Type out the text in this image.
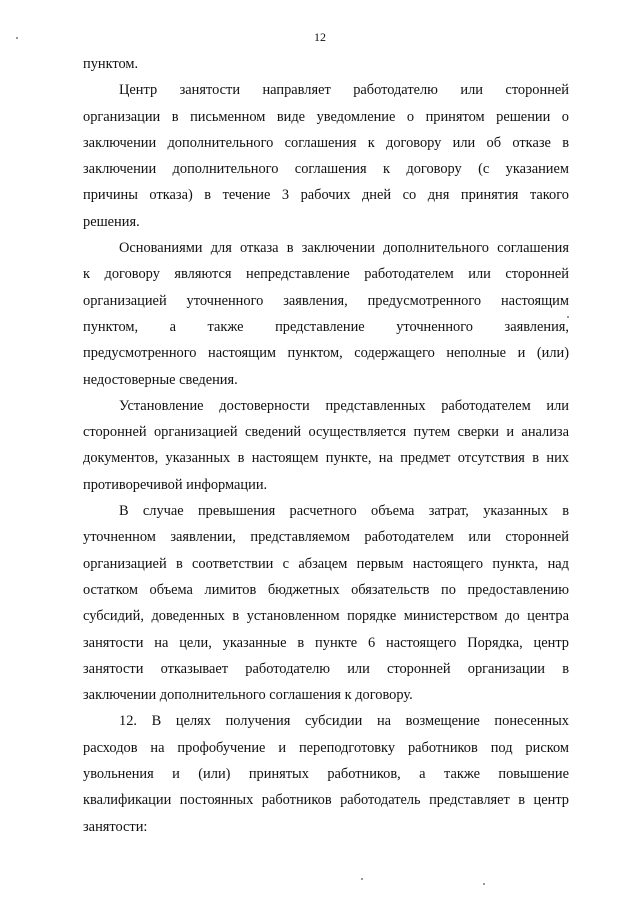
12
пунктом.
Центр занятости направляет работодателю или сторонней
организации в письменном виде уведомление о принятом решении о
заключении дополнительного соглашения к договору или об отказе в
заключении дополнительного соглашения к договору (с указанием
причины отказа) в течение 3 рабочих дней со дня принятия такого
решения.
Основаниями для отказа в заключении дополнительного соглашения
к договору являются непредставление работодателем или сторонней
организацией уточненного заявления, предусмотренного настоящим
пунктом, а также представление уточненного заявления,
предусмотренного настоящим пунктом, содержащего неполные и (или)
недостоверные сведения.
Установление достоверности представленных работодателем или
сторонней организацией сведений осуществляется путем сверки и анализа
документов, указанных в настоящем пункте, на предмет отсутствия в них
противоречивой информации.
В случае превышения расчетного объема затрат, указанных в
уточненном заявлении, представляемом работодателем или сторонней
организацией в соответствии с абзацем первым настоящего пункта, над
остатком объема лимитов бюджетных обязательств по предоставлению
субсидий, доведенных в установленном порядке министерством до центра
занятости на цели, указанные в пункте 6 настоящего Порядка, центр
занятости отказывает работодателю или сторонней организации в
заключении дополнительного соглашения к договору.
12. В целях получения субсидии на возмещение понесенных
расходов на профобучение и переподготовку работников под риском
увольнения и (или) принятых работников, а также повышение
квалификации постоянных работников работодатель представляет в центр
занятости:
